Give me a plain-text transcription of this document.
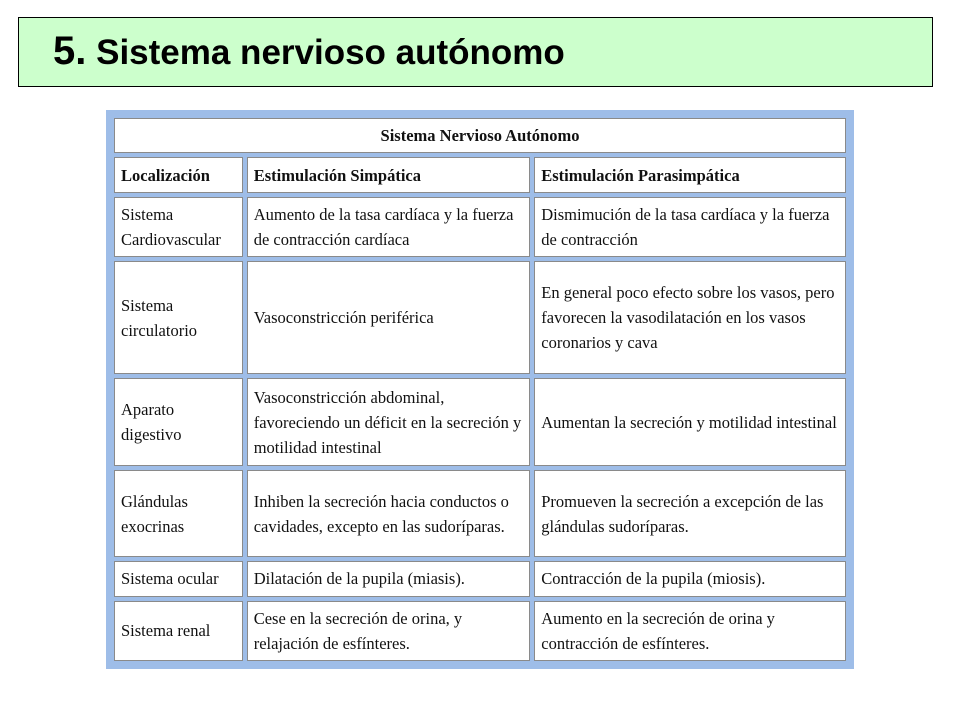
5. Sistema nervioso autónomo
Sistema Nervioso Autónomo		
Localización	Estimulación Simpática	Estimulación Parasimpática
Sistema Cardiovascular	Aumento de la tasa cardíaca y la fuerza de contracción cardíaca	Dismimución de la tasa cardíaca y la fuerza de contracción
Sistema circulatorio	Vasoconstricción periférica	En general poco efecto sobre los vasos, pero favorecen la vasodilatación en los vasos coronarios y cava
Aparato digestivo	Vasoconstricción abdominal, favoreciendo un déficit en la secreción y motilidad intestinal	Aumentan la secreción y motilidad intestinal
Glándulas exocrinas	Inhiben la secreción hacia conductos o cavidades, excepto en las sudoríparas.	Promueven la secreción a excepción de las glándulas sudoríparas.
Sistema ocular	Dilatación de la pupila (miasis).	Contracción de la pupila (miosis).
Sistema renal	Cese en la secreción de orina, y relajación de esfínteres.	Aumento en la secreción de orina y contracción de esfínteres.
